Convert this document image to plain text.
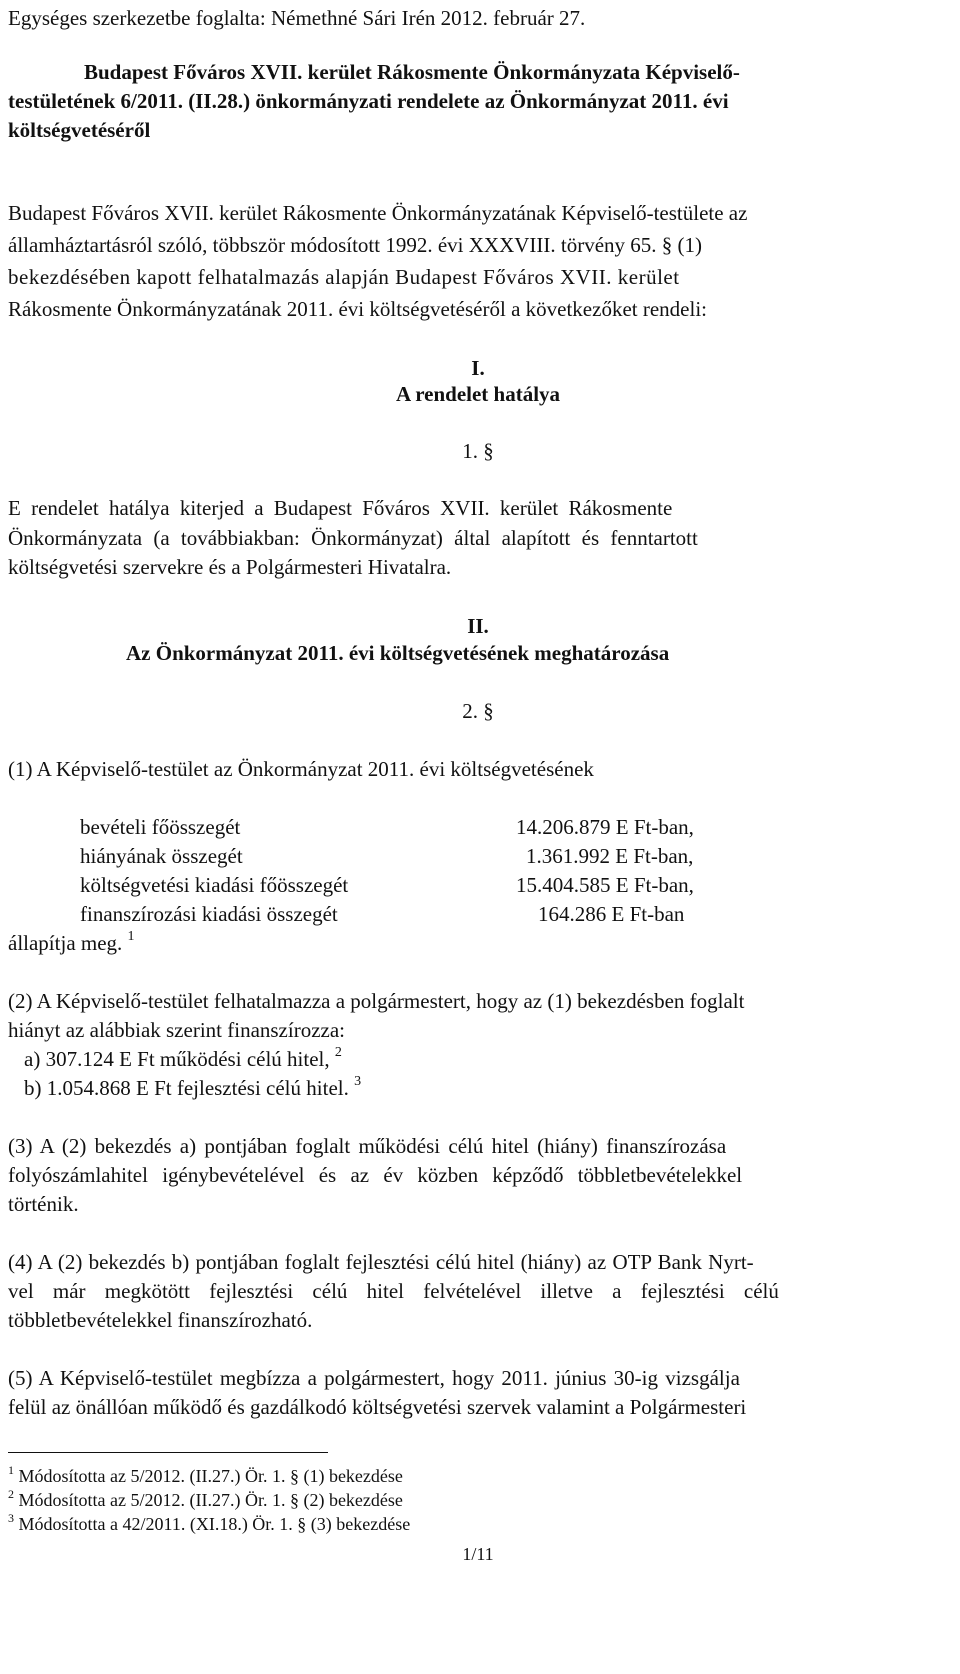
Egységes szerkezetbe foglalta: Némethné Sári Irén 2012. február 27.
Budapest Főváros XVII. kerület Rákosmente Önkormányzata Képviselő-
testületének 6/2011. (II.28.) önkormányzati rendelete az Önkormányzat 2011. évi
költségvetéséről
Budapest Főváros XVII. kerület Rákosmente Önkormányzatának Képviselő-testülete az
államháztartásról szóló, többször módosított 1992. évi XXXVIII. törvény 65. § (1)
bekezdésében kapott felhatalmazás alapján Budapest Főváros XVII. kerület
Rákosmente Önkormányzatának 2011. évi költségvetéséről a következőket rendeli:
I.
A rendelet hatálya
1. §
E rendelet hatálya kiterjed a Budapest Főváros XVII. kerület Rákosmente
Önkormányzata (a továbbiakban: Önkormányzat) által alapított és fenntartott
költségvetési szervekre és a Polgármesteri Hivatalra.
II.
Az Önkormányzat 2011. évi költségvetésének meghatározása
2. §
(1) A Képviselő-testület az Önkormányzat 2011. évi költségvetésének
bevételi főösszegét	14.206.879 E Ft-ban,
hiányának összegét	1.361.992 E Ft-ban,
költségvetési kiadási főösszegét	15.404.585 E Ft-ban,
finanszírozási kiadási összegét	164.286 E Ft-ban
állapítja meg. $^1$
(2) A Képviselő-testület felhatalmazza a polgármestert, hogy az (1) bekezdésben foglalt
hiányt az alábbiak szerint finanszírozza:
a) 307.124 E Ft működési célú hitel, $^2$
b) 1.054.868 E Ft fejlesztési célú hitel. $^3$
(3) A (2) bekezdés a) pontjában foglalt működési célú hitel (hiány) finanszírozása
folyószámlahitel igénybevételével és az év közben képződő többletbevételekkel
történik.
(4) A (2) bekezdés b) pontjában foglalt fejlesztési célú hitel (hiány) az OTP Bank Nyrt-
vel már megkötött fejlesztési célú hitel felvételével illetve a fejlesztési célú
többletbevételekkel finanszírozható.
(5) A Képviselő-testület megbízza a polgármestert, hogy 2011. június 30-ig vizsgálja
felül az önállóan működő és gazdálkodó költségvetési szervek valamint a Polgármesteri
$^1$ Módosította az 5/2012. (II.27.) Ör. 1. § (1) bekezdése
$^2$ Módosította az 5/2012. (II.27.) Ör. 1. § (2) bekezdése
$^3$ Módosította a 42/2011. (XI.18.) Ör. 1. § (3) bekezdése
1/11
